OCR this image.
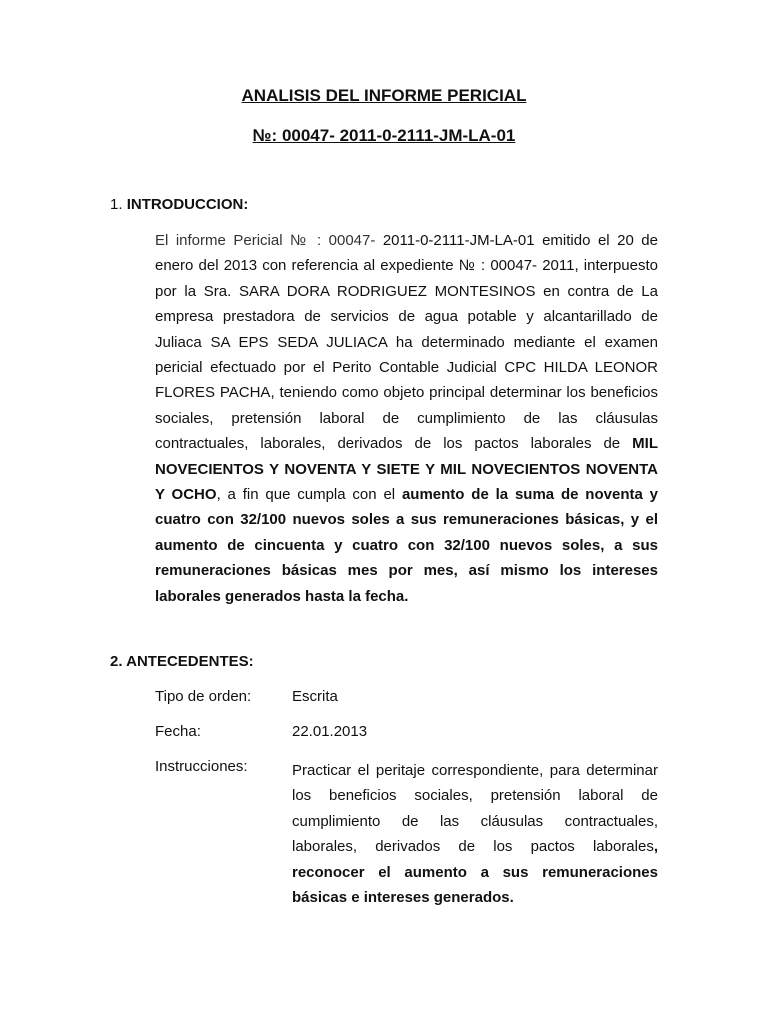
ANALISIS DEL INFORME PERICIAL
№: 00047- 2011-0-2111-JM-LA-01
1. INTRODUCCION:
El informe Pericial № : 00047- 2011-0-2111-JM-LA-01 emitido el 20 de enero del 2013 con referencia al expediente № : 00047- 2011, interpuesto por la Sra. SARA DORA RODRIGUEZ MONTESINOS en contra de La empresa prestadora de servicios de agua potable y alcantarillado de Juliaca SA EPS SEDA JULIACA ha determinado mediante el examen pericial efectuado por el Perito Contable Judicial CPC HILDA LEONOR FLORES PACHA, teniendo como objeto principal determinar los beneficios sociales, pretensión laboral de cumplimiento de las cláusulas contractuales, laborales, derivados de los pactos laborales de MIL NOVECIENTOS Y NOVENTA Y SIETE Y MIL NOVECIENTOS NOVENTA Y OCHO, a fin que cumpla con el aumento de la suma de noventa y cuatro con 32/100 nuevos soles a sus remuneraciones básicas, y el aumento de cincuenta y cuatro con 32/100 nuevos soles, a sus remuneraciones básicas mes por mes, así mismo los intereses laborales generados hasta la fecha.
2. ANTECEDENTES:
Tipo de orden:	Escrita
Fecha:	22.01.2013
Instrucciones:	Practicar el peritaje correspondiente, para determinar los beneficios sociales, pretensión laboral de cumplimiento de las cláusulas contractuales, laborales, derivados de los pactos laborales, reconocer el aumento a sus remuneraciones básicas e intereses generados.
